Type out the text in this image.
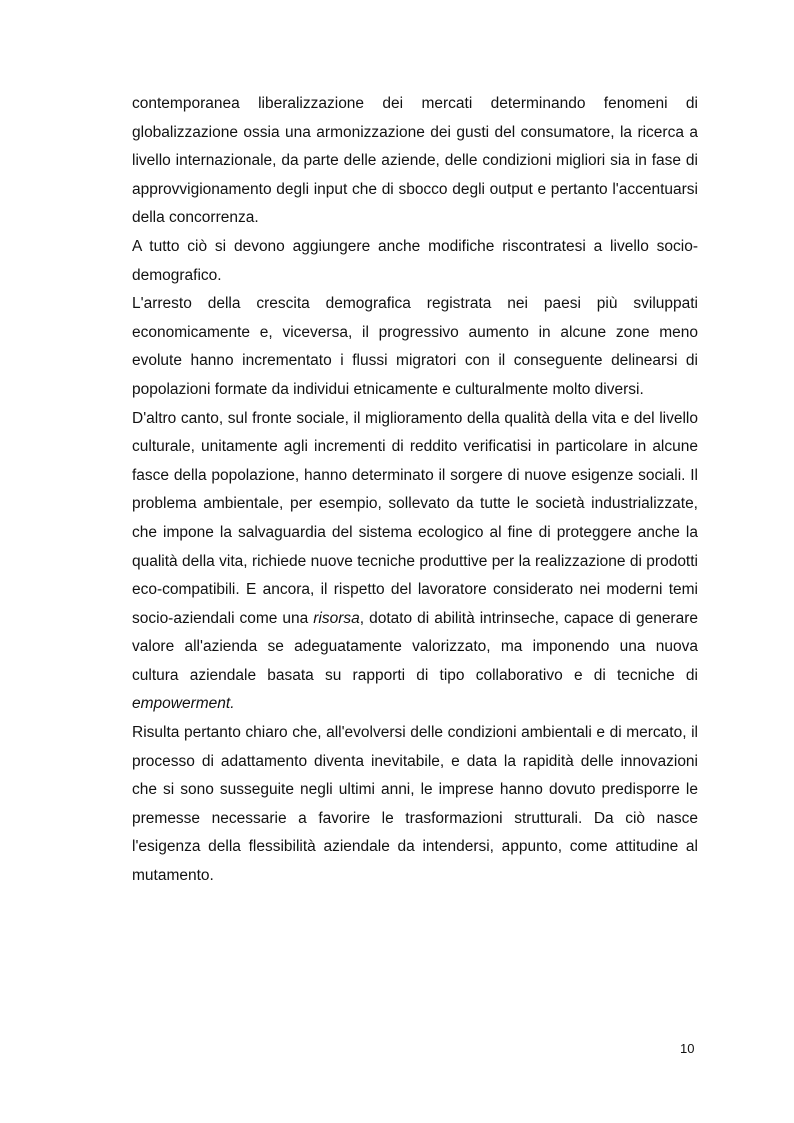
contemporanea liberalizzazione dei mercati determinando fenomeni di globalizzazione ossia una armonizzazione dei gusti del consumatore, la ricerca a livello internazionale, da parte delle aziende, delle condizioni migliori sia in fase di approvvigionamento degli input che di sbocco degli output e pertanto l'accentuarsi della concorrenza.

A tutto ciò si devono aggiungere anche modifiche riscontratesi a livello socio-demografico.

L'arresto della crescita demografica registrata nei paesi più sviluppati economicamente e, viceversa, il progressivo aumento in alcune zone meno evolute hanno incrementato i flussi migratori con il conseguente delinearsi di popolazioni formate da individui etnicamente e culturalmente molto diversi.

D'altro canto, sul fronte sociale, il miglioramento della qualità della vita e del livello culturale, unitamente agli incrementi di reddito verificatisi in particolare in alcune fasce della popolazione, hanno determinato il sorgere di nuove esigenze sociali. Il problema ambientale, per esempio, sollevato da tutte le società industrializzate, che impone la salvaguardia del sistema ecologico al fine di proteggere anche la qualità della vita, richiede nuove tecniche produttive per la realizzazione di prodotti eco-compatibili. E ancora, il rispetto del lavoratore considerato nei moderni temi socio-aziendali come una risorsa, dotato di abilità intrinseche, capace di generare valore all'azienda se adeguatamente valorizzato, ma imponendo una nuova cultura aziendale basata su rapporti di tipo collaborativo e di tecniche di empowerment.

Risulta pertanto chiaro che, all'evolversi delle condizioni ambientali e di mercato, il processo di adattamento diventa inevitabile, e data la rapidità delle innovazioni che si sono susseguite negli ultimi anni, le imprese hanno dovuto predisporre le premesse necessarie a favorire le trasformazioni strutturali. Da ciò nasce l'esigenza della flessibilità aziendale da intendersi, appunto, come attitudine al mutamento.

10
